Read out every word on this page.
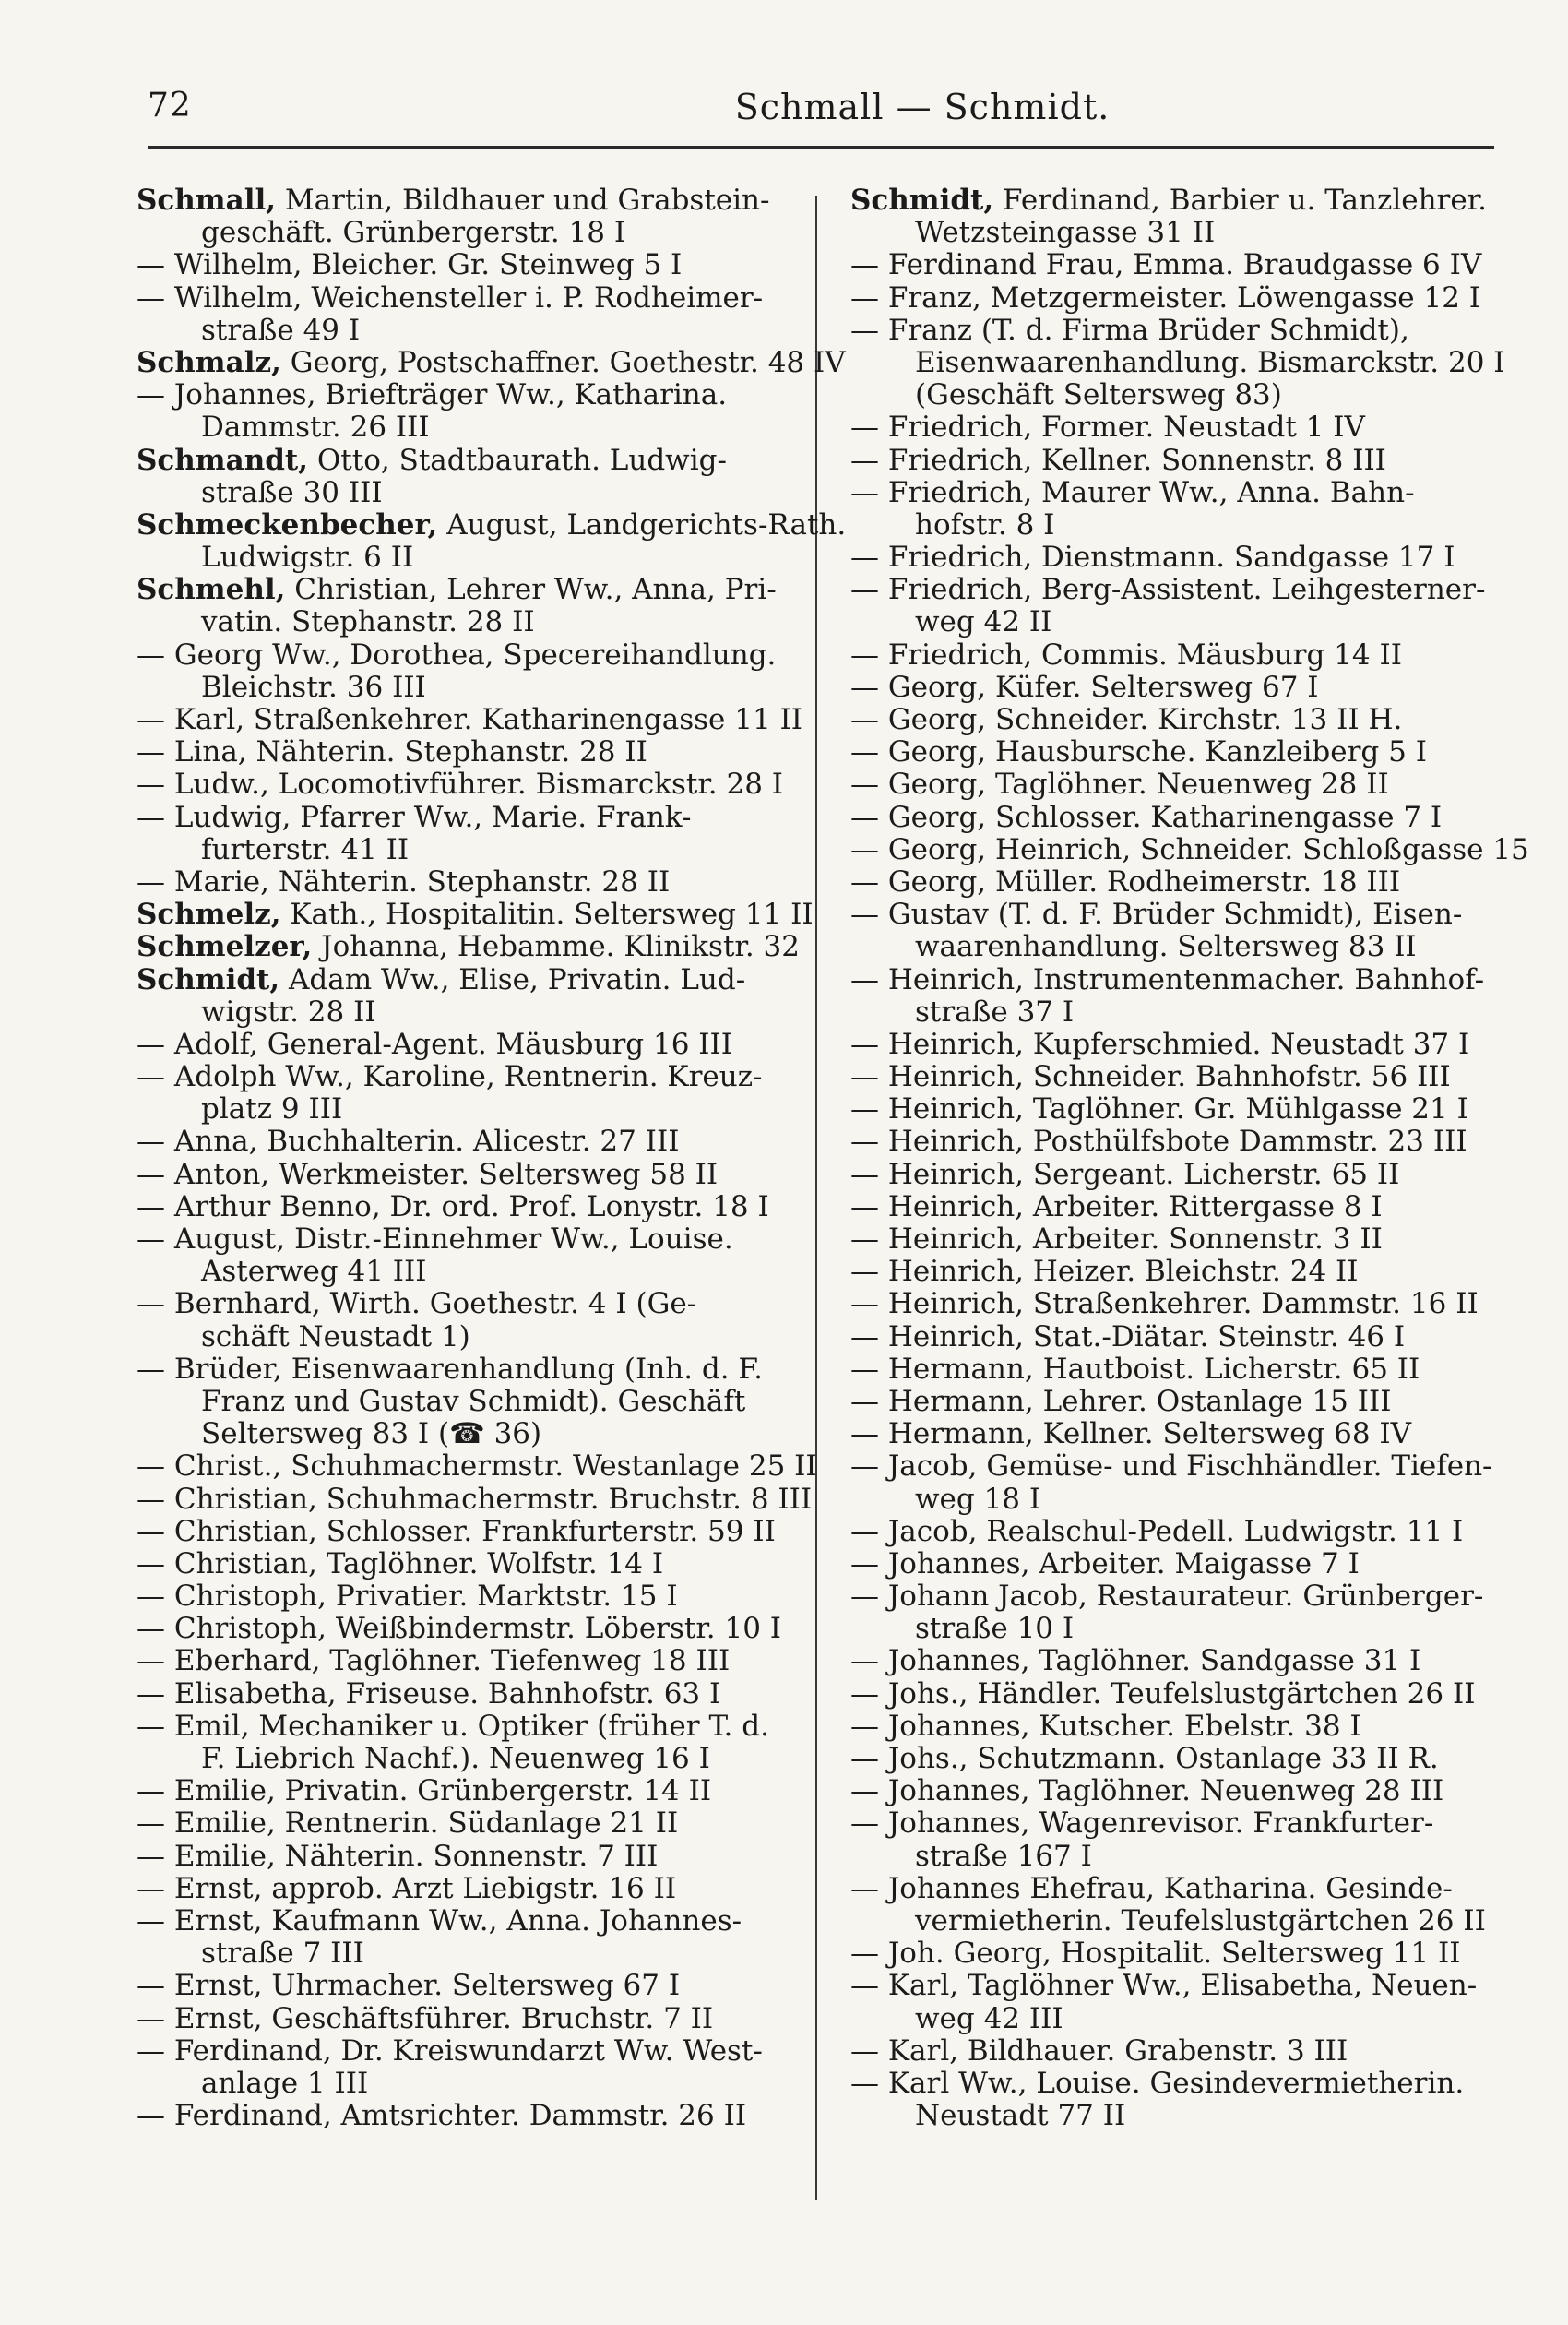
72	Schmall — Schmidt.
Schmall, Martin, Bildhauer und Grabstein-
geschäft. Grünbergerstr. 18 I
— Wilhelm, Bleicher. Gr. Steinweg 5 I
— Wilhelm, Weichensteller i. P. Rodheimer-
straße 49 I
Schmalz, Georg, Postschaffner. Goethestr. 48 IV
— Johannes, Briefträger Ww., Katharina.
Dammstr. 26 III
Schmandt, Otto, Stadtbaurath. Ludwig-
straße 30 III
Schmeckenbecher, August, Landgerichts-Rath.
Ludwigstr. 6 II
Schmehl, Christian, Lehrer Ww., Anna, Pri-
vatin. Stephanstr. 28 II
— Georg Ww., Dorothea, Specereihandlung.
Bleichstr. 36 III
— Karl, Straßenkehrer. Katharinengasse 11 II
— Lina, Nähterin. Stephanstr. 28 II
— Ludw., Locomotivführer. Bismarckstr. 28 I
— Ludwig, Pfarrer Ww., Marie. Frank-
furterstr. 41 II
— Marie, Nähterin. Stephanstr. 28 II
Schmelz, Kath., Hospitalitin. Seltersweg 11 II
Schmelzer, Johanna, Hebamme. Klinikstr. 32
Schmidt, Adam Ww., Elise, Privatin. Lud-
wigstr. 28 II
— Adolf, General-Agent. Mäusburg 16 III
— Adolph Ww., Karoline, Rentnerin. Kreuz-
platz 9 III
— Anna, Buchhalterin. Alicestr. 27 III
— Anton, Werkmeister. Seltersweg 58 II
— Arthur Benno, Dr. ord. Prof. Lonystr. 18 I
— August, Distr.-Einnehmer Ww., Louise.
Asterweg 41 III
— Bernhard, Wirth. Goethestr. 4 I (Ge-
schäft Neustadt 1)
— Brüder, Eisenwaarenhandlung (Inh. d. F.
Franz und Gustav Schmidt). Geschäft
Seltersweg 83 I (☎ 36)
— Christ., Schuhmachermstr. Westanlage 25 II
— Christian, Schuhmachermstr. Bruchstr. 8 III
— Christian, Schlosser. Frankfurterstr. 59 II
— Christian, Taglöhner. Wolfstr. 14 I
— Christoph, Privatier. Marktstr. 15 I
— Christoph, Weißbindermstr. Löberstr. 10 I
— Eberhard, Taglöhner. Tiefenweg 18 III
— Elisabetha, Friseuse. Bahnhofstr. 63 I
— Emil, Mechaniker u. Optiker (früher T. d.
F. Liebrich Nachf.). Neuenweg 16 I
— Emilie, Privatin. Grünbergerstr. 14 II
— Emilie, Rentnerin. Südanlage 21 II
— Emilie, Nähterin. Sonnenstr. 7 III
— Ernst, approb. Arzt Liebigstr. 16 II
— Ernst, Kaufmann Ww., Anna. Johannes-
straße 7 III
— Ernst, Uhrmacher. Seltersweg 67 I
— Ernst, Geschäftsführer. Bruchstr. 7 II
— Ferdinand, Dr. Kreiswundarzt Ww. West-
anlage 1 III
— Ferdinand, Amtsrichter. Dammstr. 26 II
Schmidt, Ferdinand, Barbier u. Tanzlehrer.
Wetzsteingasse 31 II
— Ferdinand Frau, Emma. Braudgasse 6 IV
— Franz, Metzgermeister. Löwengasse 12 I
— Franz (T. d. Firma Brüder Schmidt),
Eisenwaarenhandlung. Bismarckstr. 20 I
(Geschäft Seltersweg 83)
— Friedrich, Former. Neustadt 1 IV
— Friedrich, Kellner. Sonnenstr. 8 III
— Friedrich, Maurer Ww., Anna. Bahn-
hofstr. 8 I
— Friedrich, Dienstmann. Sandgasse 17 I
— Friedrich, Berg-Assistent. Leihgesterner-
weg 42 II
— Friedrich, Commis. Mäusburg 14 II
— Georg, Küfer. Seltersweg 67 I
— Georg, Schneider. Kirchstr. 13 II H.
— Georg, Hausbursche. Kanzleiberg 5 I
— Georg, Taglöhner. Neuenweg 28 II
— Georg, Schlosser. Katharinengasse 7 I
— Georg, Heinrich, Schneider. Schloßgasse 15
— Georg, Müller. Rodheimerstr. 18 III
— Gustav (T. d. F. Brüder Schmidt), Eisen-
waarenhandlung. Seltersweg 83 II
— Heinrich, Instrumentenmacher. Bahnhof-
straße 37 I
— Heinrich, Kupferschmied. Neustadt 37 I
— Heinrich, Schneider. Bahnhofstr. 56 III
— Heinrich, Taglöhner. Gr. Mühlgasse 21 I
— Heinrich, Posthülfsbote Dammstr. 23 III
— Heinrich, Sergeant. Licherstr. 65 II
— Heinrich, Arbeiter. Rittergasse 8 I
— Heinrich, Arbeiter. Sonnenstr. 3 II
— Heinrich, Heizer. Bleichstr. 24 II
— Heinrich, Straßenkehrer. Dammstr. 16 II
— Heinrich, Stat.-Diätar. Steinstr. 46 I
— Hermann, Hautboist. Licherstr. 65 II
— Hermann, Lehrer. Ostanlage 15 III
— Hermann, Kellner. Seltersweg 68 IV
— Jacob, Gemüse- und Fischhändler. Tiefen-
weg 18 I
— Jacob, Realschul-Pedell. Ludwigstr. 11 I
— Johannes, Arbeiter. Maigasse 7 I
— Johann Jacob, Restaurateur. Grünberger-
straße 10 I
— Johannes, Taglöhner. Sandgasse 31 I
— Johs., Händler. Teufelslustgärtchen 26 II
— Johannes, Kutscher. Ebelstr. 38 I
— Johs., Schutzmann. Ostanlage 33 II R.
— Johannes, Taglöhner. Neuenweg 28 III
— Johannes, Wagenrevisor. Frankfurter-
straße 167 I
— Johannes Ehefrau, Katharina. Gesinde-
vermietherin. Teufelslustgärtchen 26 II
— Joh. Georg, Hospitalit. Seltersweg 11 II
— Karl, Taglöhner Ww., Elisabetha, Neuen-
weg 42 III
— Karl, Bildhauer. Grabenstr. 3 III
— Karl Ww., Louise. Gesindevermietherin.
Neustadt 77 II
